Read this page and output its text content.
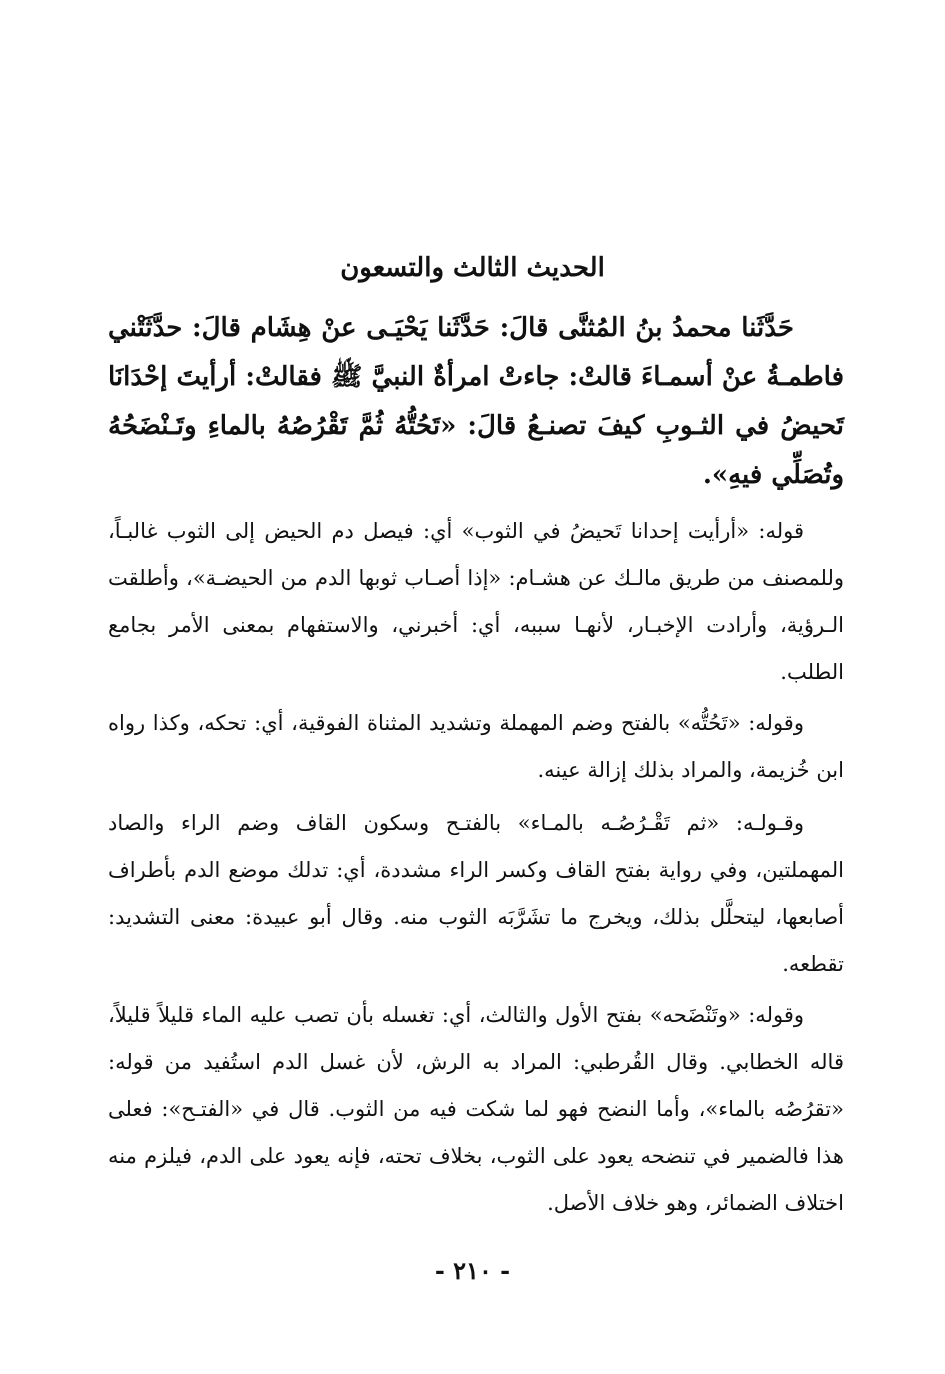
الحديث الثالث والتسعون

حَدَّثَنا محمدُ بنُ المُثنَّى قالَ: حَدَّثَنا يَحْيَـى عنْ هِشَام قالَ: حدَّثَتْني فاطمـةُ عنْ أسمـاءَ قالتْ: جاءتْ امرأةٌ النبيَّ ﷺ فقالتْ: أرأيتَ إحْدَانَا تَحيضُ في الثـوبِ كيفَ تصنـعُ قالَ: «تَحُتُّهُ ثُمَّ تَقْرُصُهُ بالماءِ وتَـنْضَحُهُ وتُصَلِّي فيهِ».

قوله: «أرأيت إحدانا تَحيضُ في الثوب» أي: فيصل دم الحيض إلى الثوب غالبـاً، وللمصنف من طريق مالـك عن هشـام: «إذا أصـاب ثوبها الدم من الحيضـة»، وأطلقت الـرؤية، وأرادت الإخبـار، لأنهـا سببه، أي: أخبرني، والاستفهام بمعنى الأمر بجامع الطلب.

وقوله: «تَحُتُّه» بالفتح وضم المهملة وتشديد المثناة الفوقية، أي: تحكه، وكذا رواه ابن خُزيمة، والمراد بذلك إزالة عينه.

وقـولـه: «ثم تَقْـرُصُـه بالمـاء» بالفتـح وسكون القاف وضم الراء والصاد المهملتين، وفي رواية بفتح القاف وكسر الراء مشددة، أي: تدلك موضع الدم بأطراف أصابعها، ليتحلَّل بذلك، ويخرج ما تشَرَّبَه الثوب منه. وقال أبو عبيدة: معنى التشديد: تقطعه.

وقوله: «وتَنْضَحه» بفتح الأول والثالث، أي: تغسله بأن تصب عليه الماء قليلاً قليلاً، قاله الخطابي. وقال القُرطبي: المراد به الرش، لأن غسل الدم استُفيد من قوله: «تقرُصُه بالماء»، وأما النضح فهو لما شكت فيه من الثوب. قال في «الفتـح»: فعلى هذا فالضمير في تنضحه يعود على الثوب، بخلاف تحته، فإنه يعود على الدم، فيلزم منه اختلاف الضمائر، وهو خلاف الأصل.

- ٢١٠ -
